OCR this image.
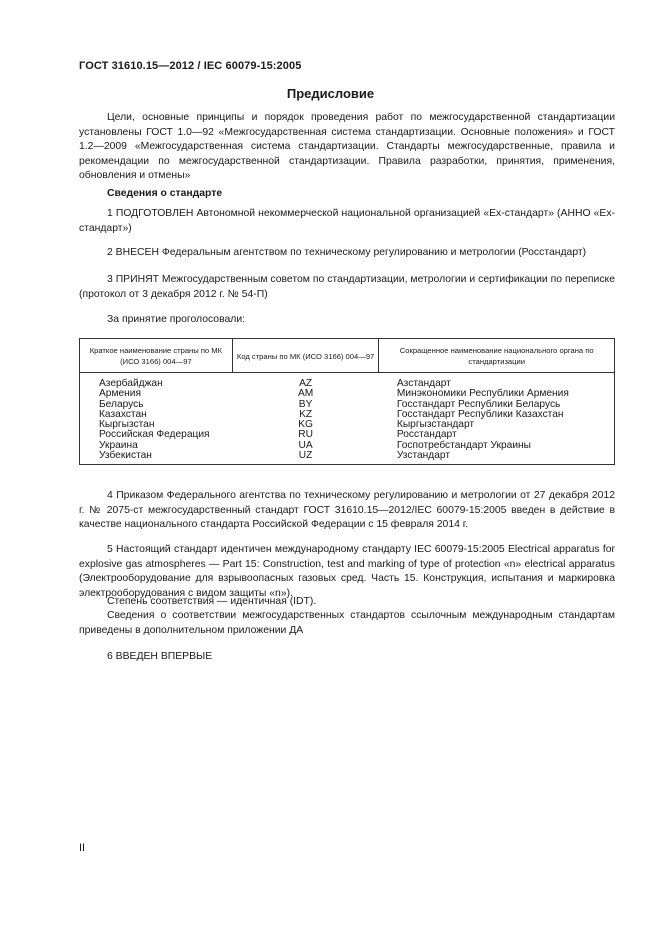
ГОСТ 31610.15—2012 / IEC 60079-15:2005
Предисловие

Цели, основные принципы и порядок проведения работ по межгосударственной стандартизации установлены ГОСТ 1.0—92 «Межгосударственная система стандартизации. Основные положения» и ГОСТ 1.2—2009 «Межгосударственная система стандартизации. Стандарты межгосударственные, правила и рекомендации по межгосударственной стандартизации. Правила разработки, принятия, применения, обновления и отмены»

Сведения о стандарте

1 ПОДГОТОВЛЕН Автономной некоммерческой национальной организацией «Ех-стандарт» (АННО «Ех-стандарт»)

2 ВНЕСЕН Федеральным агентством по техническому регулированию и метрологии (Росстандарт)

3 ПРИНЯТ Межгосударственным советом по стандартизации, метрологии и сертификации по переписке (протокол от 3 декабря 2012 г. № 54-П)

За принятие проголосовали:

Краткое наименование страны по МК (ИСО 3166) 004—97	Код страны по МК (ИСО 3166) 004—97	Сокращенное наименование национального органа по стандартизации
Азербайджан	AZ	Азстандарт
Армения	AM	Минэкономики Республики Армения
Беларусь	BY	Госстандарт Республики Беларусь
Казахстан	KZ	Госстандарт Республики Казахстан
Кыргызстан	KG	Кыргызстандарт
Российская Федерация	RU	Росстандарт
Украина	UA	Госпотребстандарт Украины
Узбекистан	UZ	Узстандарт

4 Приказом Федерального агентства по техническому регулированию и метрологии от 27 декабря 2012 г. № 2075-ст межгосударственный стандарт ГОСТ 31610.15—2012/IEC 60079-15:2005 введен в действие в качестве национального стандарта Российской Федерации с 15 февраля 2014 г.

5 Настоящий стандарт идентичен международному стандарту IEC 60079-15:2005 Electrical apparatus for explosive gas atmospheres — Part 15: Construction, test and marking of type of protection «n» electrical apparatus (Электрооборудование для взрывоопасных газовых сред. Часть 15. Конструкция, испытания и маркировка электрооборудования с видом защиты «n»).

Степень соответствия — идентичная (IDT).

Сведения о соответствии межгосударственных стандартов ссылочным международным стандартам приведены в дополнительном приложении ДА

6 ВВЕДЕН ВПЕРВЫЕ

II
